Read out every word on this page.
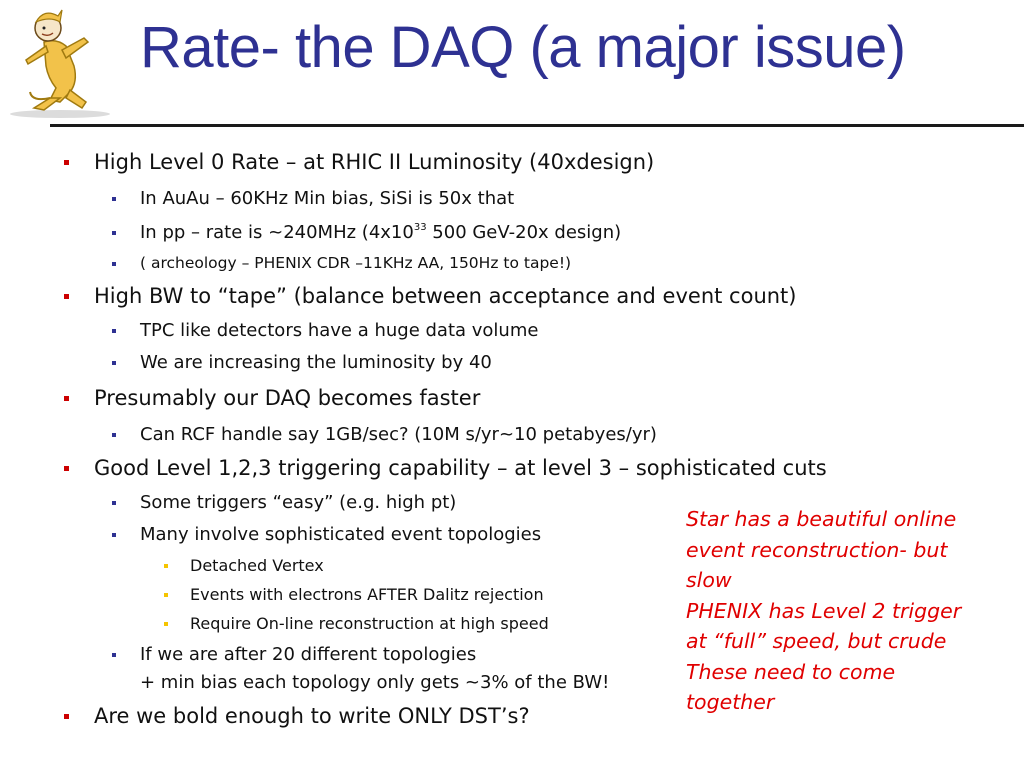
Rate- the DAQ (a major issue)
High Level 0 Rate – at RHIC II Luminosity (40xdesign)
In AuAu – 60KHz Min bias, SiSi is 50x that
In pp – rate is ~240MHz ($4x10^{33}$ 500 GeV-20x design)
( archeology – PHENIX CDR –11KHz AA, 150Hz to tape!)
High BW to “tape” (balance between acceptance and event count)
TPC like detectors have a huge data volume
We are increasing the luminosity by 40
Presumably our DAQ becomes faster
Can RCF handle say 1GB/sec? (10M s/yr~10 petabyes/yr)
Good Level 1,2,3 triggering capability – at level 3 – sophisticated cuts
Some triggers “easy” (e.g. high pt)
Many involve sophisticated event topologies
Detached Vertex
Events with electrons AFTER Dalitz rejection
Require On-line reconstruction at high speed
If we are after 20 different topologies
+ min bias each topology only gets ~3% of the BW!
Are we bold enough to write ONLY DST’s?
Star has a beautiful online
event reconstruction- but
slow
PHENIX has Level 2 trigger
at “full” speed, but crude
These need to come
together
